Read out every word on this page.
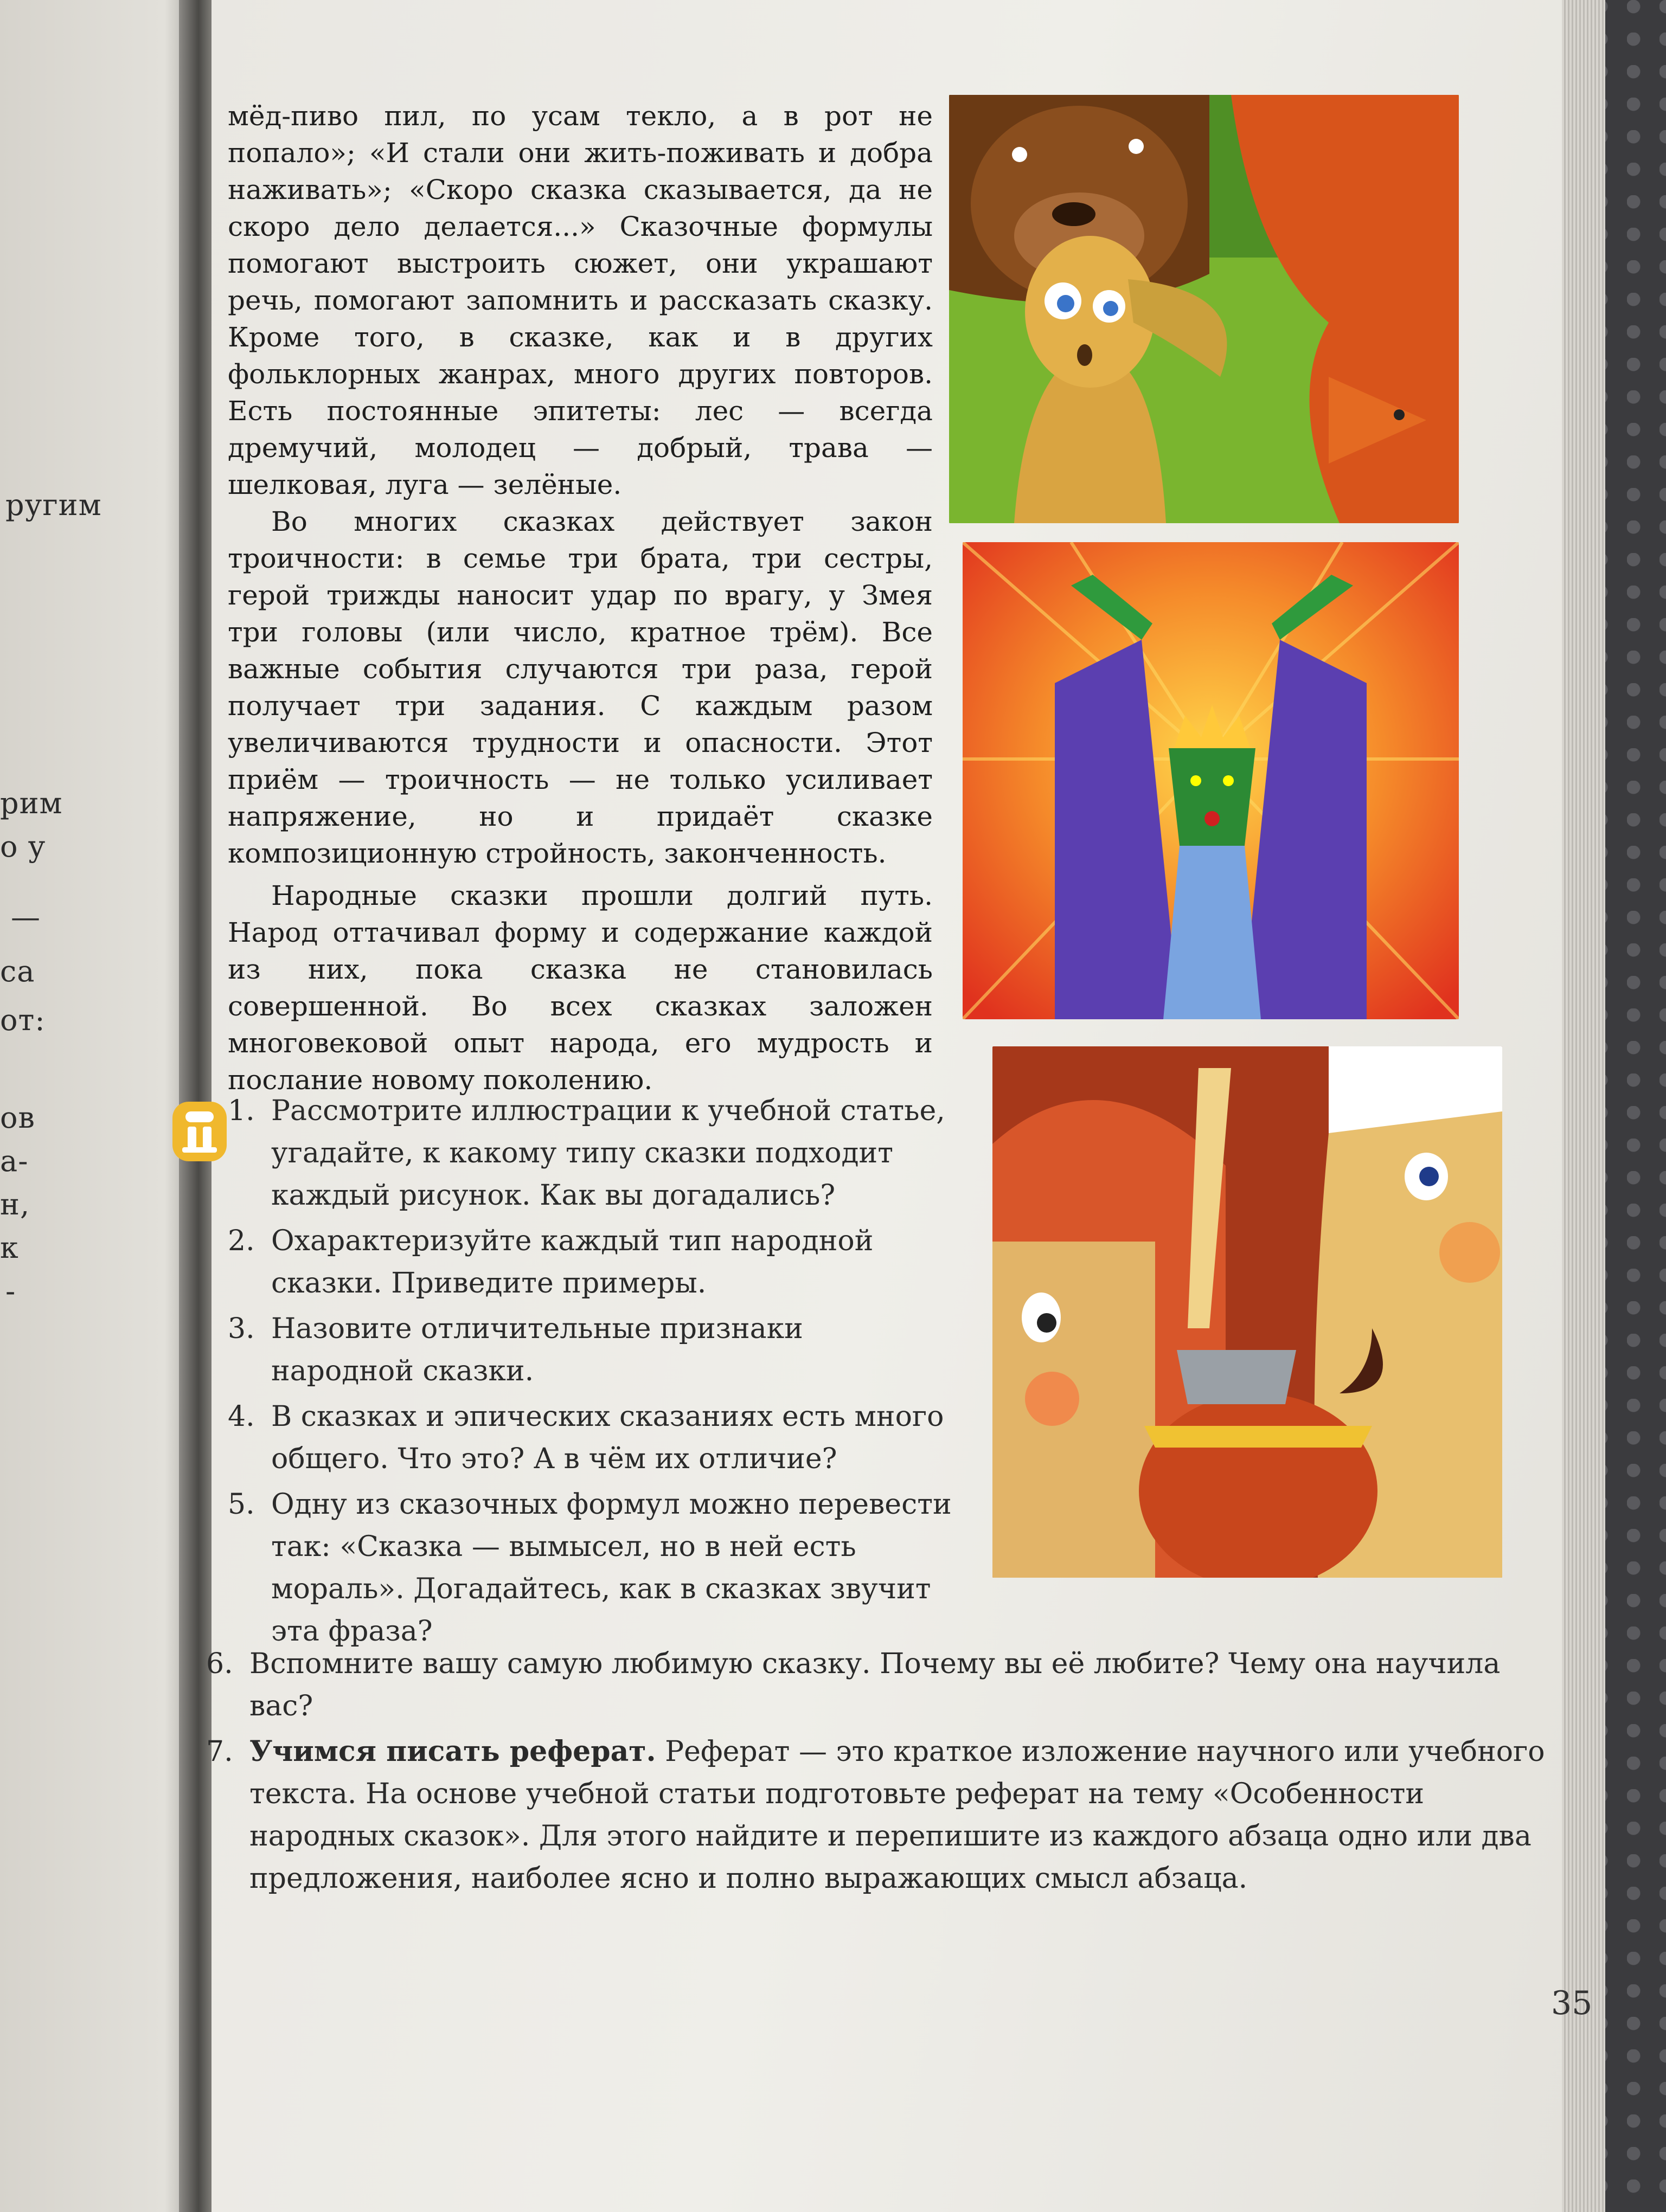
ругим
рим
о у
—
са
от:
ов
а-
н,
к
-

мёд-пиво пил, по усам текло, а в рот не попало»; «И стали они жить-поживать и добра наживать»; «Скоро сказка сказывается, да не скоро дело делается...» Сказочные формулы помогают выстроить сюжет, они украшают речь, помогают запомнить и рассказать сказку. Кроме того, в сказке, как и в других фольклорных жанрах, много других повторов. Есть постоянные эпитеты: лес — всегда дремучий, молодец — добрый, трава — шелковая, луга — зелёные.

Во многих сказках действует закон троичности: в семье три брата, три сестры, герой трижды наносит удар по врагу, у Змея три головы (или число, кратное трём). Все важные события случаются три раза, герой получает три задания. С каждым разом увеличиваются трудности и опасности. Этот приём — троичность — не только усиливает напряжение, но и придаёт сказке композиционную стройность, законченность.

Народные сказки прошли долгий путь. Народ оттачивал форму и содержание каждой из них, пока сказка не становилась совершенной. Во всех сказках заложен многовековой опыт народа, его мудрость и послание новому поколению.

1. Рассмотрите иллюстрации к учебной статье, угадайте, к какому типу сказки подходит каждый рисунок. Как вы догадались?
2. Охарактеризуйте каждый тип народной сказки. Приведите примеры.
3. Назовите отличительные признаки народной сказки.
4. В сказках и эпических сказаниях есть много общего. Что это? А в чём их отличие?
5. Одну из сказочных формул можно перевести так: «Сказка — вымысел, но в ней есть мораль». Догадайтесь, как в сказках звучит эта фраза?
6. Вспомните вашу самую любимую сказку. Почему вы её любите? Чему она научила вас?
7. Учимся писать реферат. Реферат — это краткое изложение научного или учебного текста. На основе учебной статьи подготовьте реферат на тему «Особенности народных сказок». Для этого найдите и перепишите из каждого абзаца одно или два предложения, наиболее ясно и полно выражающих смысл абзаца.
35
